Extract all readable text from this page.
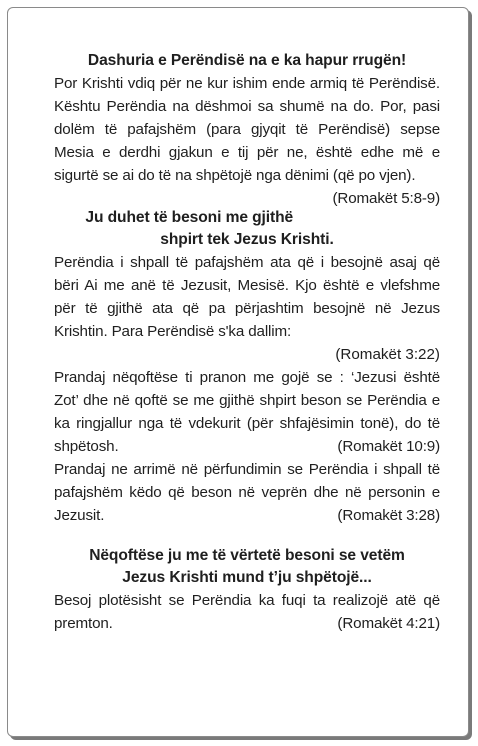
Dashuria e Perëndisë na e ka hapur rrugën!
Por Krishti vdiq për ne kur ishim ende armiq të Perëndisë. Kështu Perëndia na dëshmoi sa shumë na do. Por, pasi dolëm të pafajshëm (para gjyqit të Perëndisë) sepse Mesia e derdhi gjakun e tij për ne, është edhe më e sigurtë se ai do të na shpëtojë nga dënimi (që po vjen).
(Romakët 5:8-9)
Ju duhet të besoni me gjithë
shpirt tek Jezus Krishti.
Perëndia i shpall të pafajshëm ata që i besojnë asaj që bëri Ai me anë të Jezusit, Mesisë. Kjo është e vlefshme për të gjithë ata që pa përjashtim besojnë në Jezus Krishtin. Para Perëndisë s'ka dallim:
(Romakët 3:22)
Prandaj nëqoftëse ti pranon me gojë se : ‘Jezusi është Zot’ dhe në qoftë se me gjithë shpirt beson se Perëndia e ka ringjallur nga të vdekurit (për shfajësimin tonë), do të shpëtosh.	(Romakët 10:9)
Prandaj ne arrimë në përfundimin se Perëndia i shpall të pafajshëm këdo që beson në veprën dhe në personin e Jezusit.	(Romakët 3:28)
Nëqoftëse ju me të vërtetë besoni se vetëm
Jezus Krishti mund t’ju shpëtojë...
Besoj plotësisht se Perëndia ka fuqi ta realizojë atë që premton.	(Romakët 4:21)
